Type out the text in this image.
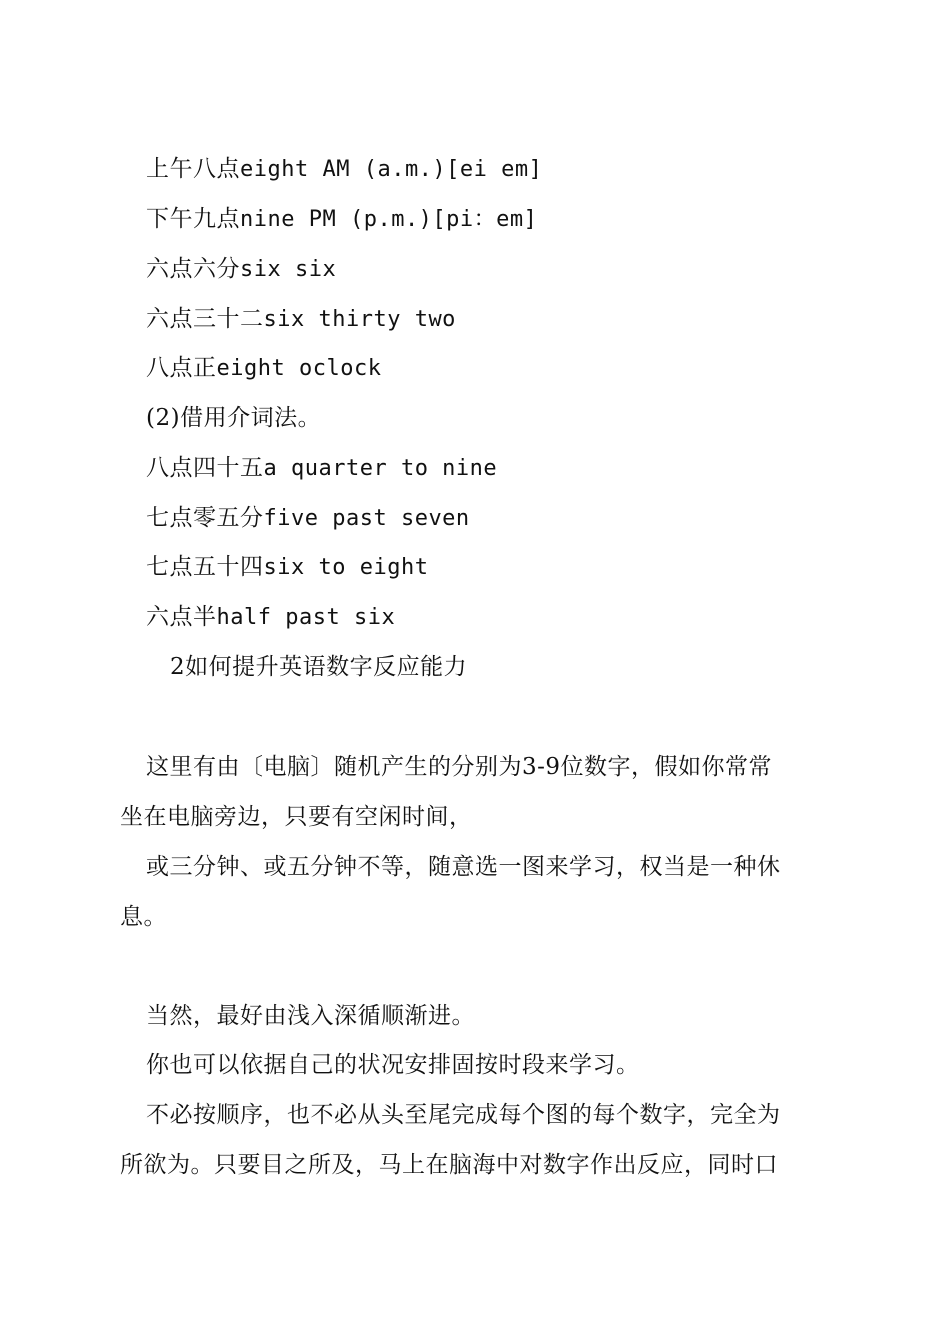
上午八点eight AM (a.m.)[ei em]
下午九点nine PM (p.m.)[pi：em]
六点六分six six
六点三十二six thirty two
八点正eight oclock
(2)借用介词法。
八点四十五a quarter to nine
七点零五分five past seven
七点五十四six to eight
六点半half past six
2如何提升英语数字反应能力
这里有由〔电脑〕随机产生的分别为3-9位数字，假如你常常
坐在电脑旁边，只要有空闲时间，
或三分钟、或五分钟不等，随意选一图来学习，权当是一种休
息。
当然，最好由浅入深循顺渐进。
你也可以依据自己的状况安排固按时段来学习。
不必按顺序，也不必从头至尾完成每个图的每个数字，完全为
所欲为。只要目之所及，马上在脑海中对数字作出反应，同时口
